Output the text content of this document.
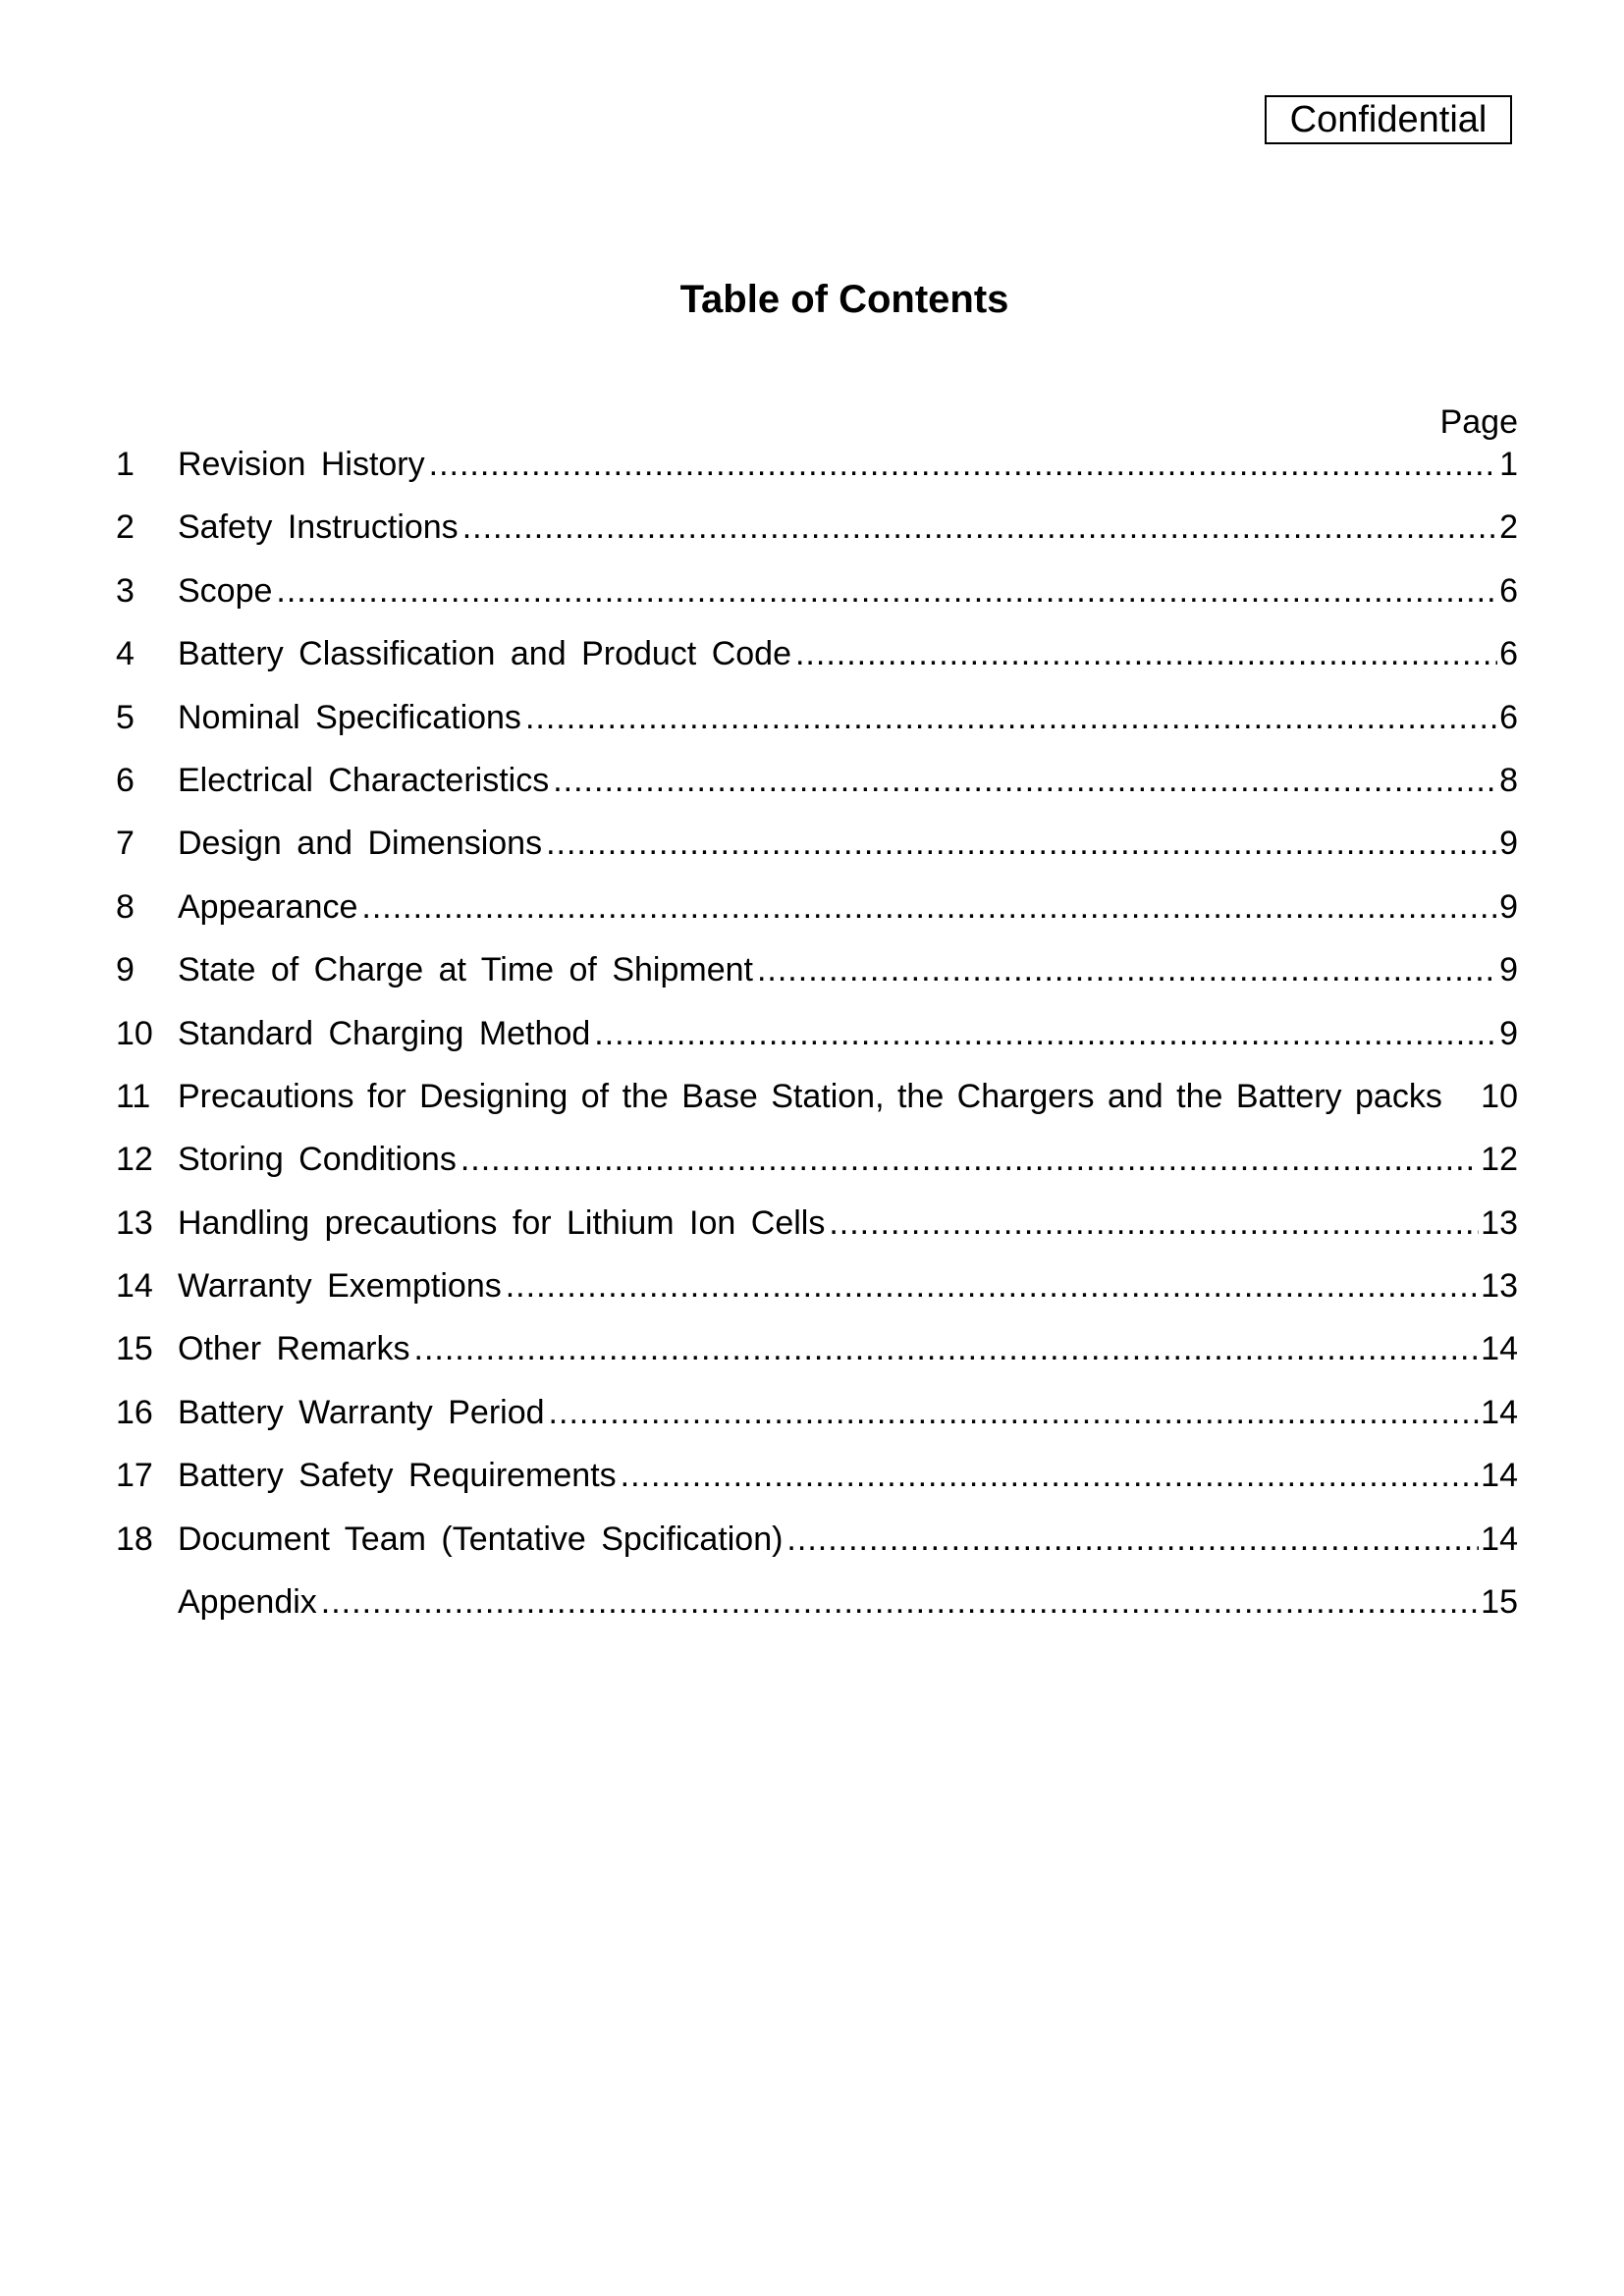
Confidential
Table of Contents
Page
1	Revision History .....	1
2	Safety Instructions .....	2
3	Scope .....	6
4	Battery Classification and Product Code .....	6
5	Nominal Specifications .....	6
6	Electrical Characteristics .....	8
7	Design and Dimensions .....	9
8	Appearance .....	9
9	State of Charge at Time of Shipment .....	9
10 Standard Charging Method .....	9
11 Precautions for Designing of the Base Station, the Chargers and the Battery packs 10
12 Storing Conditions .....	12
13 Handling precautions for Lithium Ion Cells .....	13
14 Warranty Exemptions .....	13
15 Other Remarks .....	14
16 Battery Warranty Period .....	14
17 Battery Safety Requirements .....	14
18 Document Team (Tentative Spcification) .....	14
Appendix .....	15
